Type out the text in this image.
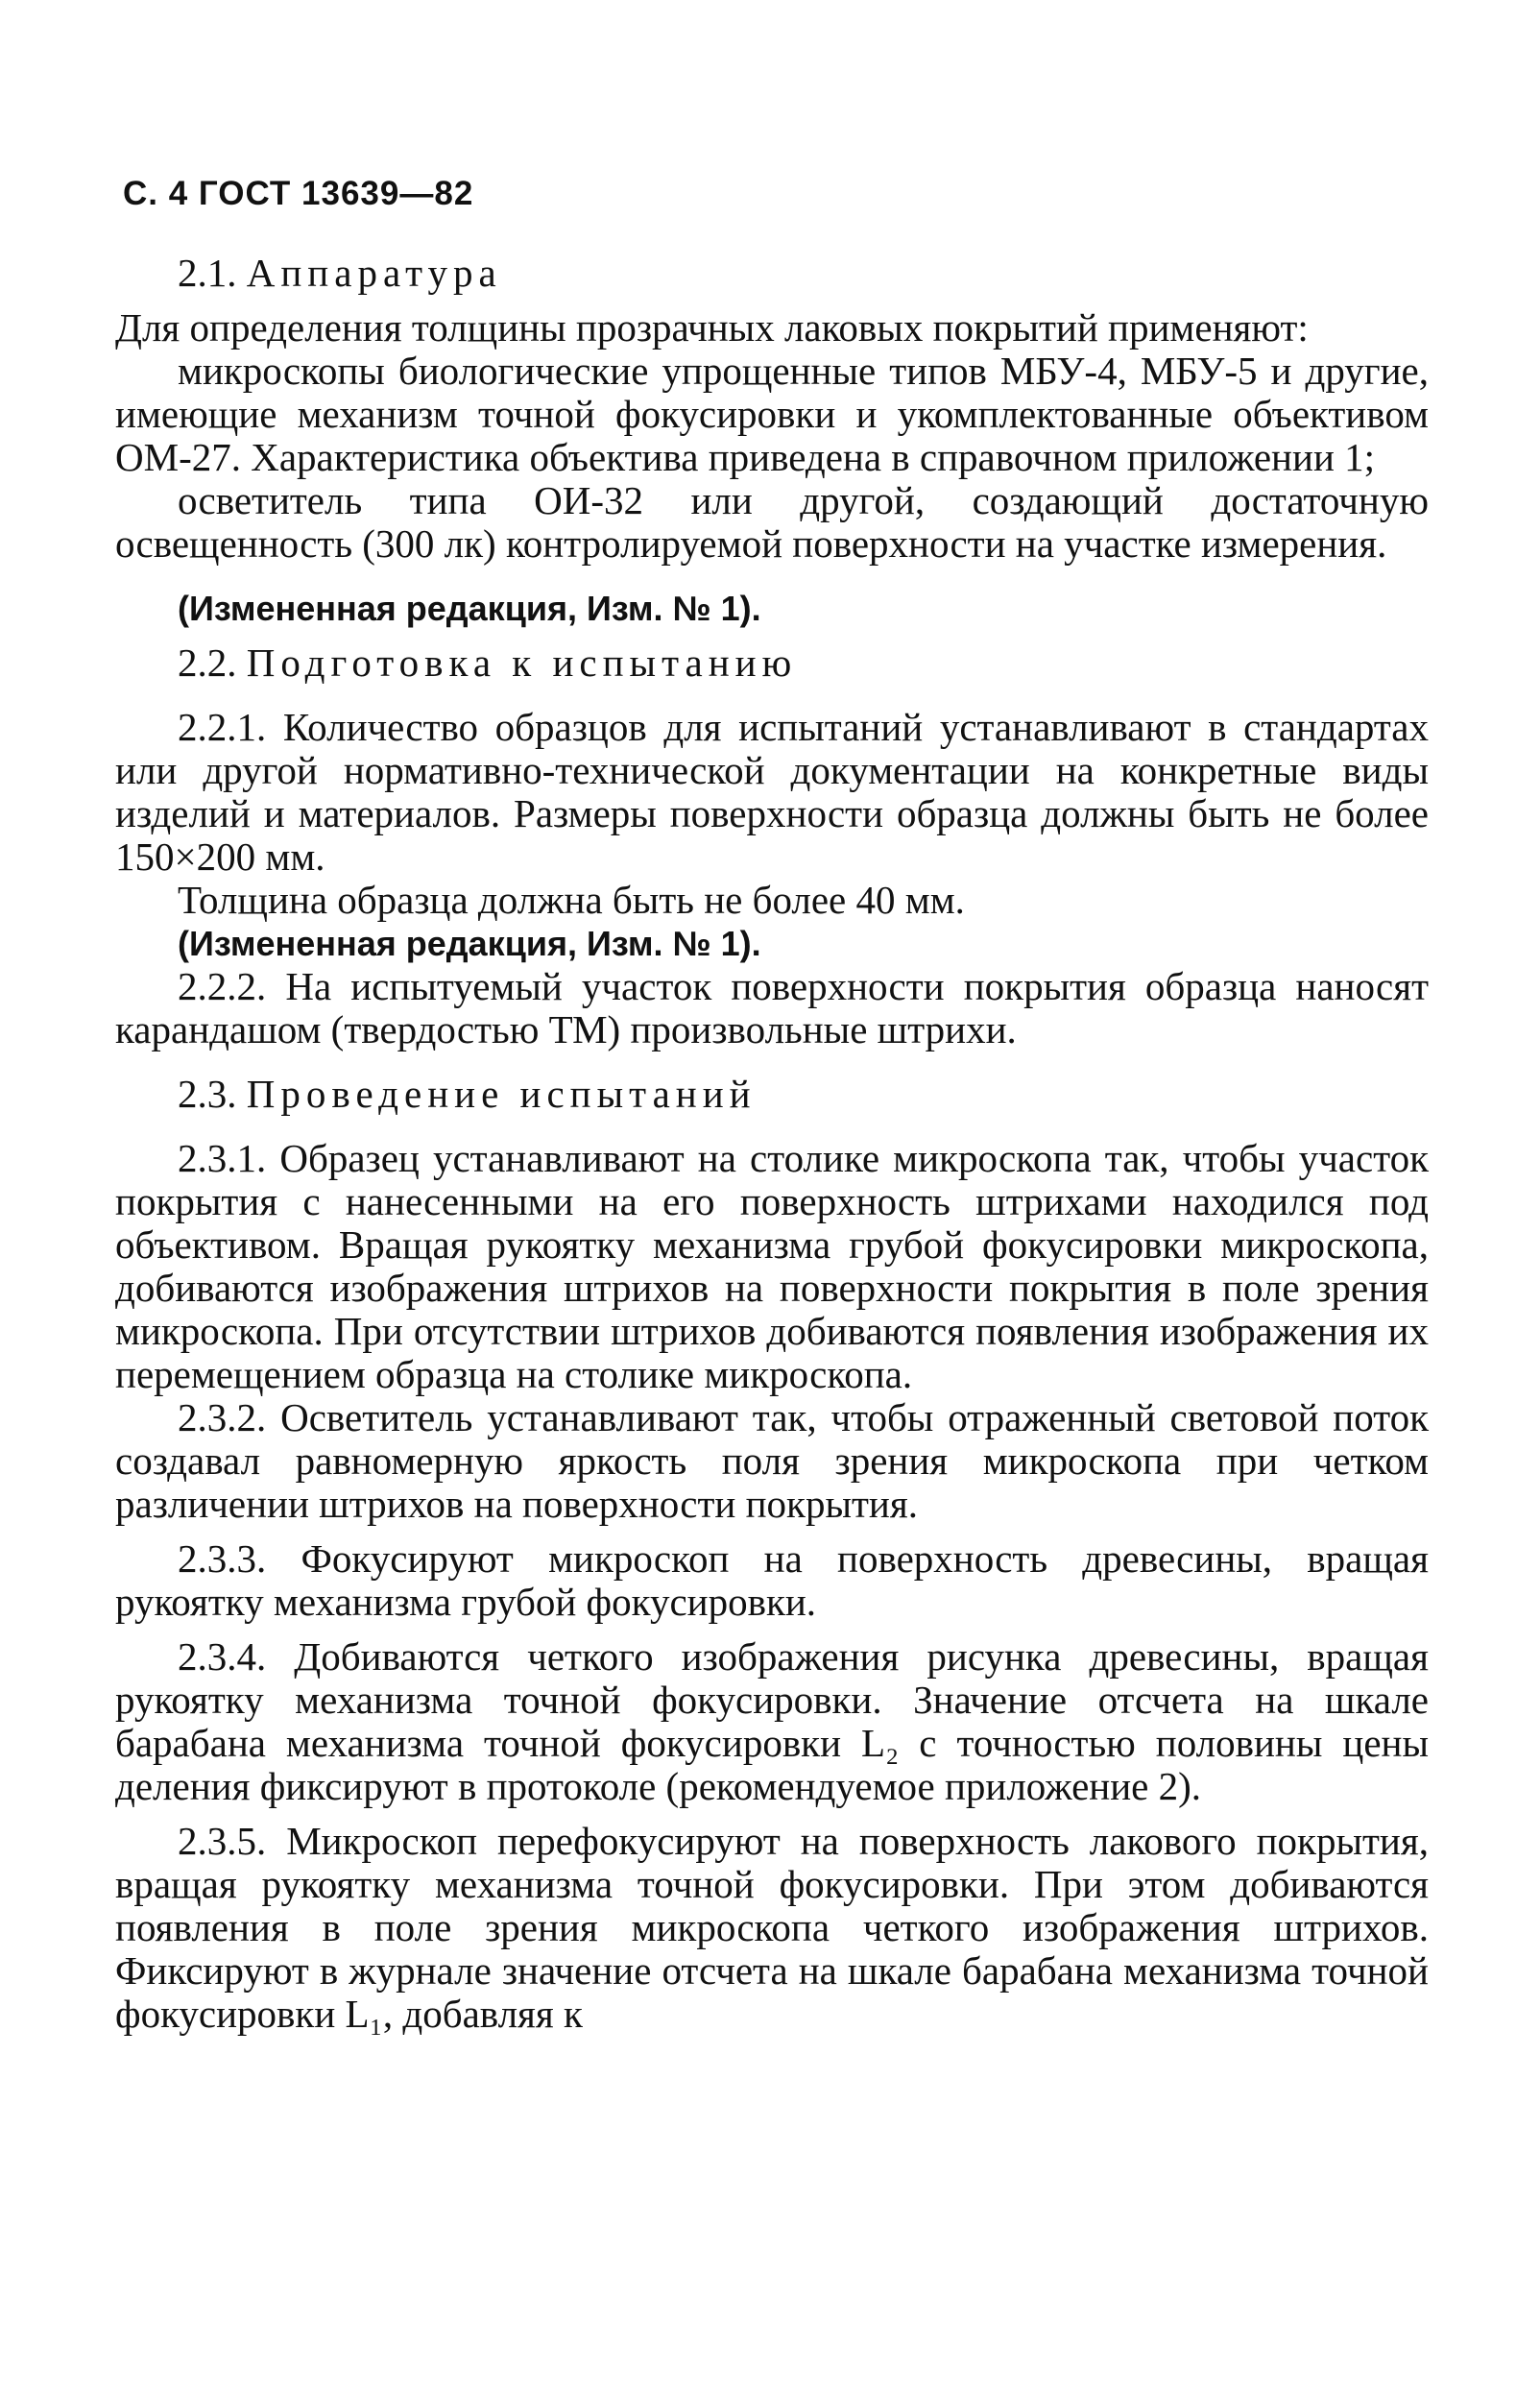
С. 4 ГОСТ 13639—82
2.1. Аппаратура

Для определения толщины прозрачных лаковых покрытий применяют:

микроскопы биологические упрощенные типов МБУ-4, МБУ-5 и другие, имеющие механизм точной фокусировки и укомплектованные объективом ОМ-27. Характеристика объектива приведена в справочном приложении 1;

осветитель типа ОИ-32 или другой, создающий достаточную освещенность (300 лк) контролируемой поверхности на участке измерения.

(Измененная редакция, Изм. № 1).

2.2. Подготовка к испытанию

2.2.1. Количество образцов для испытаний устанавливают в стандартах или другой нормативно-технической документации на конкретные виды изделий и материалов. Размеры поверхности образца должны быть не более 150×200 мм.

Толщина образца должна быть не более 40 мм.

(Измененная редакция, Изм. № 1).

2.2.2. На испытуемый участок поверхности покрытия образца наносят карандашом (твердостью ТМ) произвольные штрихи.

2.3. Проведение испытаний

2.3.1. Образец устанавливают на столике микроскопа так, чтобы участок покрытия с нанесенными на его поверхность штрихами находился под объективом. Вращая рукоятку механизма грубой фокусировки микроскопа, добиваются изображения штрихов на поверхности покрытия в поле зрения микроскопа. При отсутствии штрихов добиваются появления изображения их перемещением образца на столике микроскопа.

2.3.2. Осветитель устанавливают так, чтобы отраженный световой поток создавал равномерную яркость поля зрения микроскопа при четком различении штрихов на поверхности покрытия.

2.3.3. Фокусируют микроскоп на поверхность древесины, вращая рукоятку механизма грубой фокусировки.

2.3.4. Добиваются четкого изображения рисунка древесины, вращая рукоятку механизма точной фокусировки. Значение отсчета на шкале барабана механизма точной фокусировки L₂ с точностью половины цены деления фиксируют в протоколе (рекомендуемое приложение 2).

2.3.5. Микроскоп перефокусируют на поверхность лакового покрытия, вращая рукоятку механизма точной фокусировки. При этом добиваются появления в поле зрения микроскопа четкого изображения штрихов. Фиксируют в журнале значение отсчета на шкале барабана механизма точной фокусировки L₁, добавляя к
